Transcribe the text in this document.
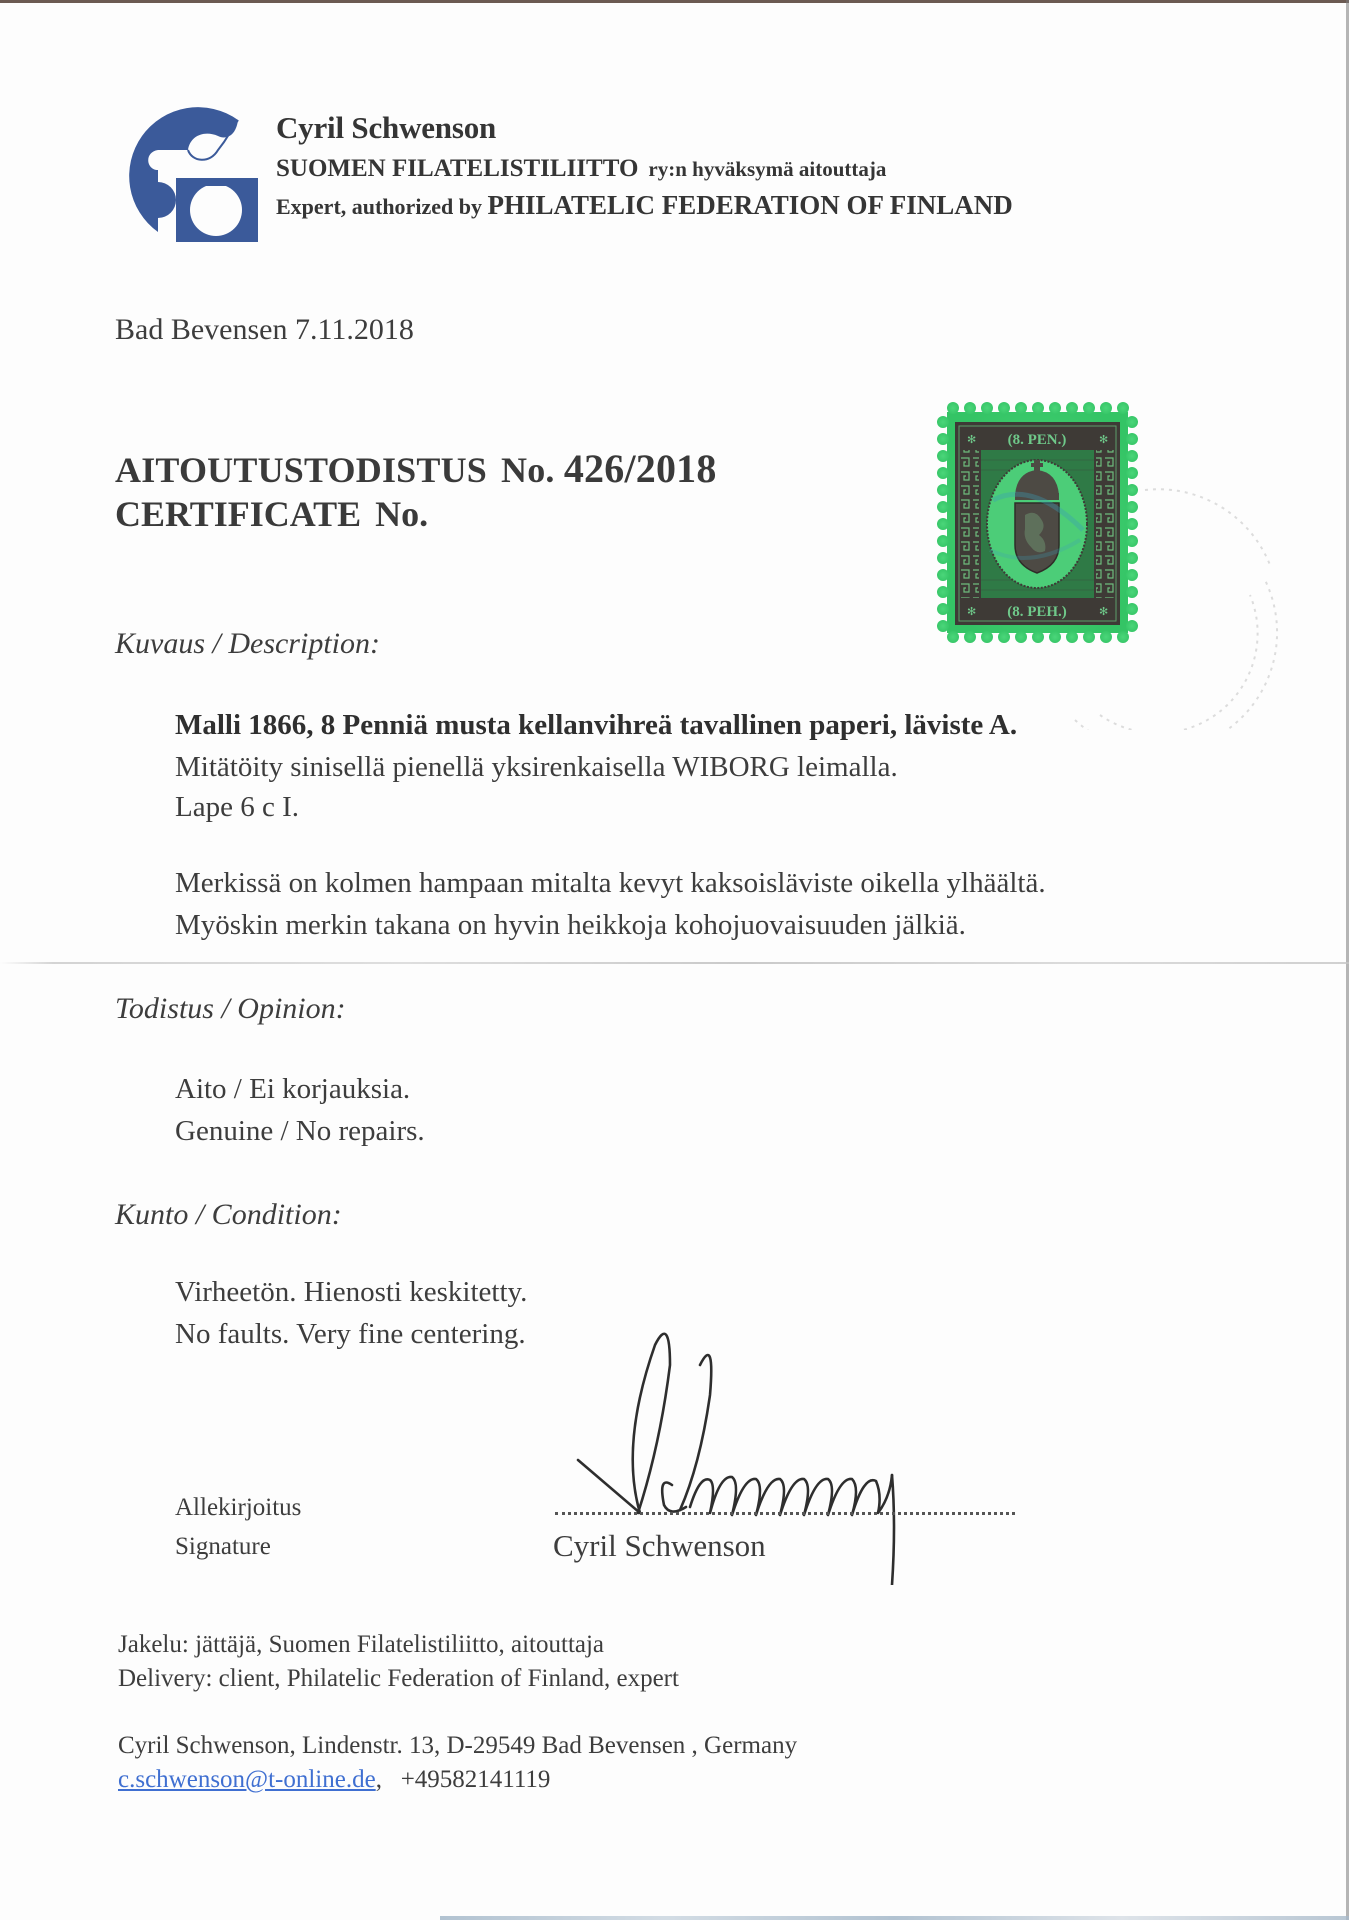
Cyril Schwenson
SUOMEN FILATELISTILIITTO ry:n hyväksymä aitouttaja
Expert, authorized by PHILATELIC FEDERATION OF FINLAND
Bad Bevensen 7.11.2018
AITOUTUSTODISTUS No. 426/2018
CERTIFICATE No.
(8. PEN.)
(8. PEH.)
✻	✻
✻	✻
Kuvaus / Description:
Malli 1866, 8 Penniä musta kellanvihreä tavallinen paperi, läviste A.
Mitätöity sinisellä pienellä yksirenkaisella WIBORG leimalla.
Lape 6 c I.
Merkissä on kolmen hampaan mitalta kevyt kaksoisläviste oikella ylhäältä.
Myöskin merkin takana on hyvin heikkoja kohojuovaisuuden jälkiä.
Todistus / Opinion:
Aito / Ei korjauksia.
Genuine / No repairs.
Kunto / Condition:
Virheetön. Hienosti keskitetty.
No faults. Very fine centering.
Allekirjoitus
Signature	Cyril Schwenson
Jakelu: jättäjä, Suomen Filatelistiliitto, aitouttaja
Delivery: client, Philatelic Federation of Finland, expert
Cyril Schwenson, Lindenstr. 13, D-29549 Bad Bevensen , Germany
c.schwenson@t-online.de, +49582141119
